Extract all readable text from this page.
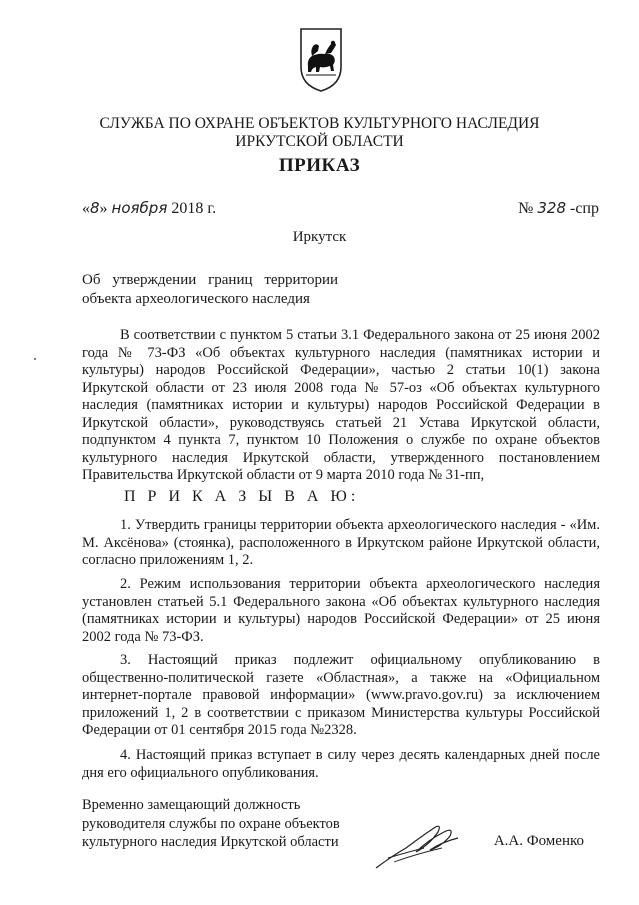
СЛУЖБА ПО ОХРАНЕ ОБЪЕКТОВ КУЛЬТУРНОГО НАСЛЕДИЯ
ИРКУТСКОЙ ОБЛАСТИ
ПРИКАЗ
«8» ноября 2018 г.	№ 328 -спр
Иркутск
Об утверждении границ территории
объекта археологического наследия
В соответствии с пунктом 5 статьи 3.1 Федерального закона от 25 июня 2002 года № 73-ФЗ «Об объектах культурного наследия (памятниках истории и культуры) народов Российской Федерации», частью 2 статьи 10(1) закона Иркутской области от 23 июля 2008 года № 57-оз «Об объектах культурного наследия (памятниках истории и культуры) народов Российской Федерации в Иркутской области», руководствуясь статьей 21 Устава Иркутской области, подпунктом 4 пункта 7, пунктом 10 Положения о службе по охране объектов культурного наследия Иркутской области, утвержденного постановлением Правительства Иркутской области от 9 марта 2010 года № 31-пп,
П Р И К А З Ы В А Ю:
1. Утвердить границы территории объекта археологического наследия - «Им. М. Аксёнова» (стоянка), расположенного в Иркутском районе Иркутской области, согласно приложениям 1, 2.
2. Режим использования территории объекта археологического наследия установлен статьей 5.1 Федерального закона «Об объектах культурного наследия (памятниках истории и культуры) народов Российской Федерации» от 25 июня 2002 года № 73-ФЗ.
3. Настоящий приказ подлежит официальному опубликованию в общественно-политической газете «Областная», а также на «Официальном интернет-портале правовой информации» (www.pravo.gov.ru) за исключением приложений 1, 2 в соответствии с приказом Министерства культуры Российской Федерации от 01 сентября 2015 года №2328.
4. Настоящий приказ вступает в силу через десять календарных дней после дня его официального опубликования.
Временно замещающий должность
руководителя службы по охране объектов
культурного наследия Иркутской области	А.А. Фоменко
